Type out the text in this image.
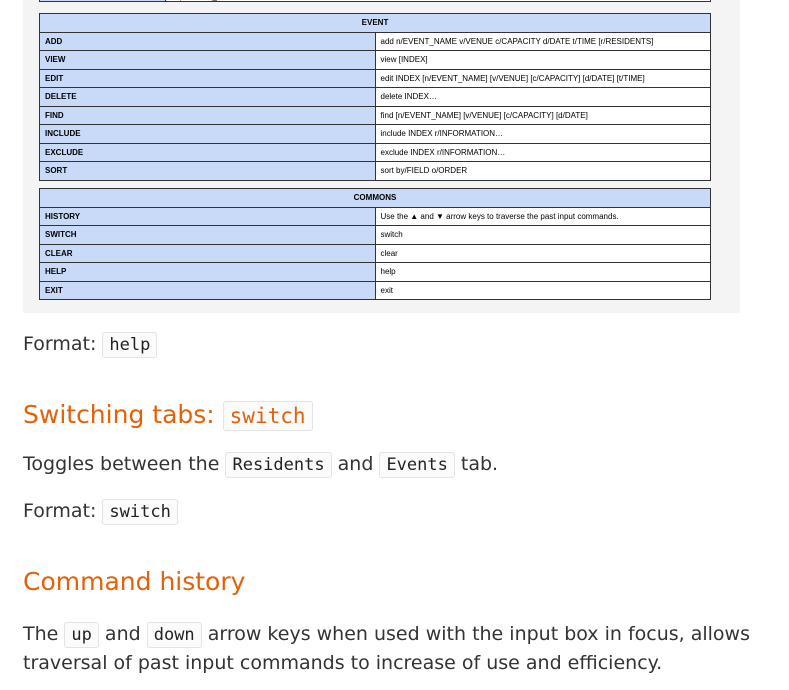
EVENT	
ADD	add n/EVENT_NAME v/VENUE c/CAPACITY d/DATE t/TIME [r/RESIDENTS]
VIEW	view [INDEX]
EDIT	edit INDEX [n/EVENT_NAME] [v/VENUE] [c/CAPACITY] [d/DATE] [t/TIME]
DELETE	delete INDEX…
FIND	find [n/EVENT_NAME] [v/VENUE] [c/CAPACITY] [d/DATE]
INCLUDE	include INDEX r/INFORMATION…
EXCLUDE	exclude INDEX r/INFORMATION…
SORT	sort by/FIELD o/ORDER
COMMONS	
HISTORY	Use the ▲ and ▼ arrow keys to traverse the past input commands.
SWITCH	switch
CLEAR	clear
HELP	help
EXIT	exit
Format: help
Switching tabs: switch
Toggles between the Residents and Events tab.
Format: switch
Command history
The up and down arrow keys when used with the input box in focus, allows traversal of past input commands to increase of use and efficiency.
